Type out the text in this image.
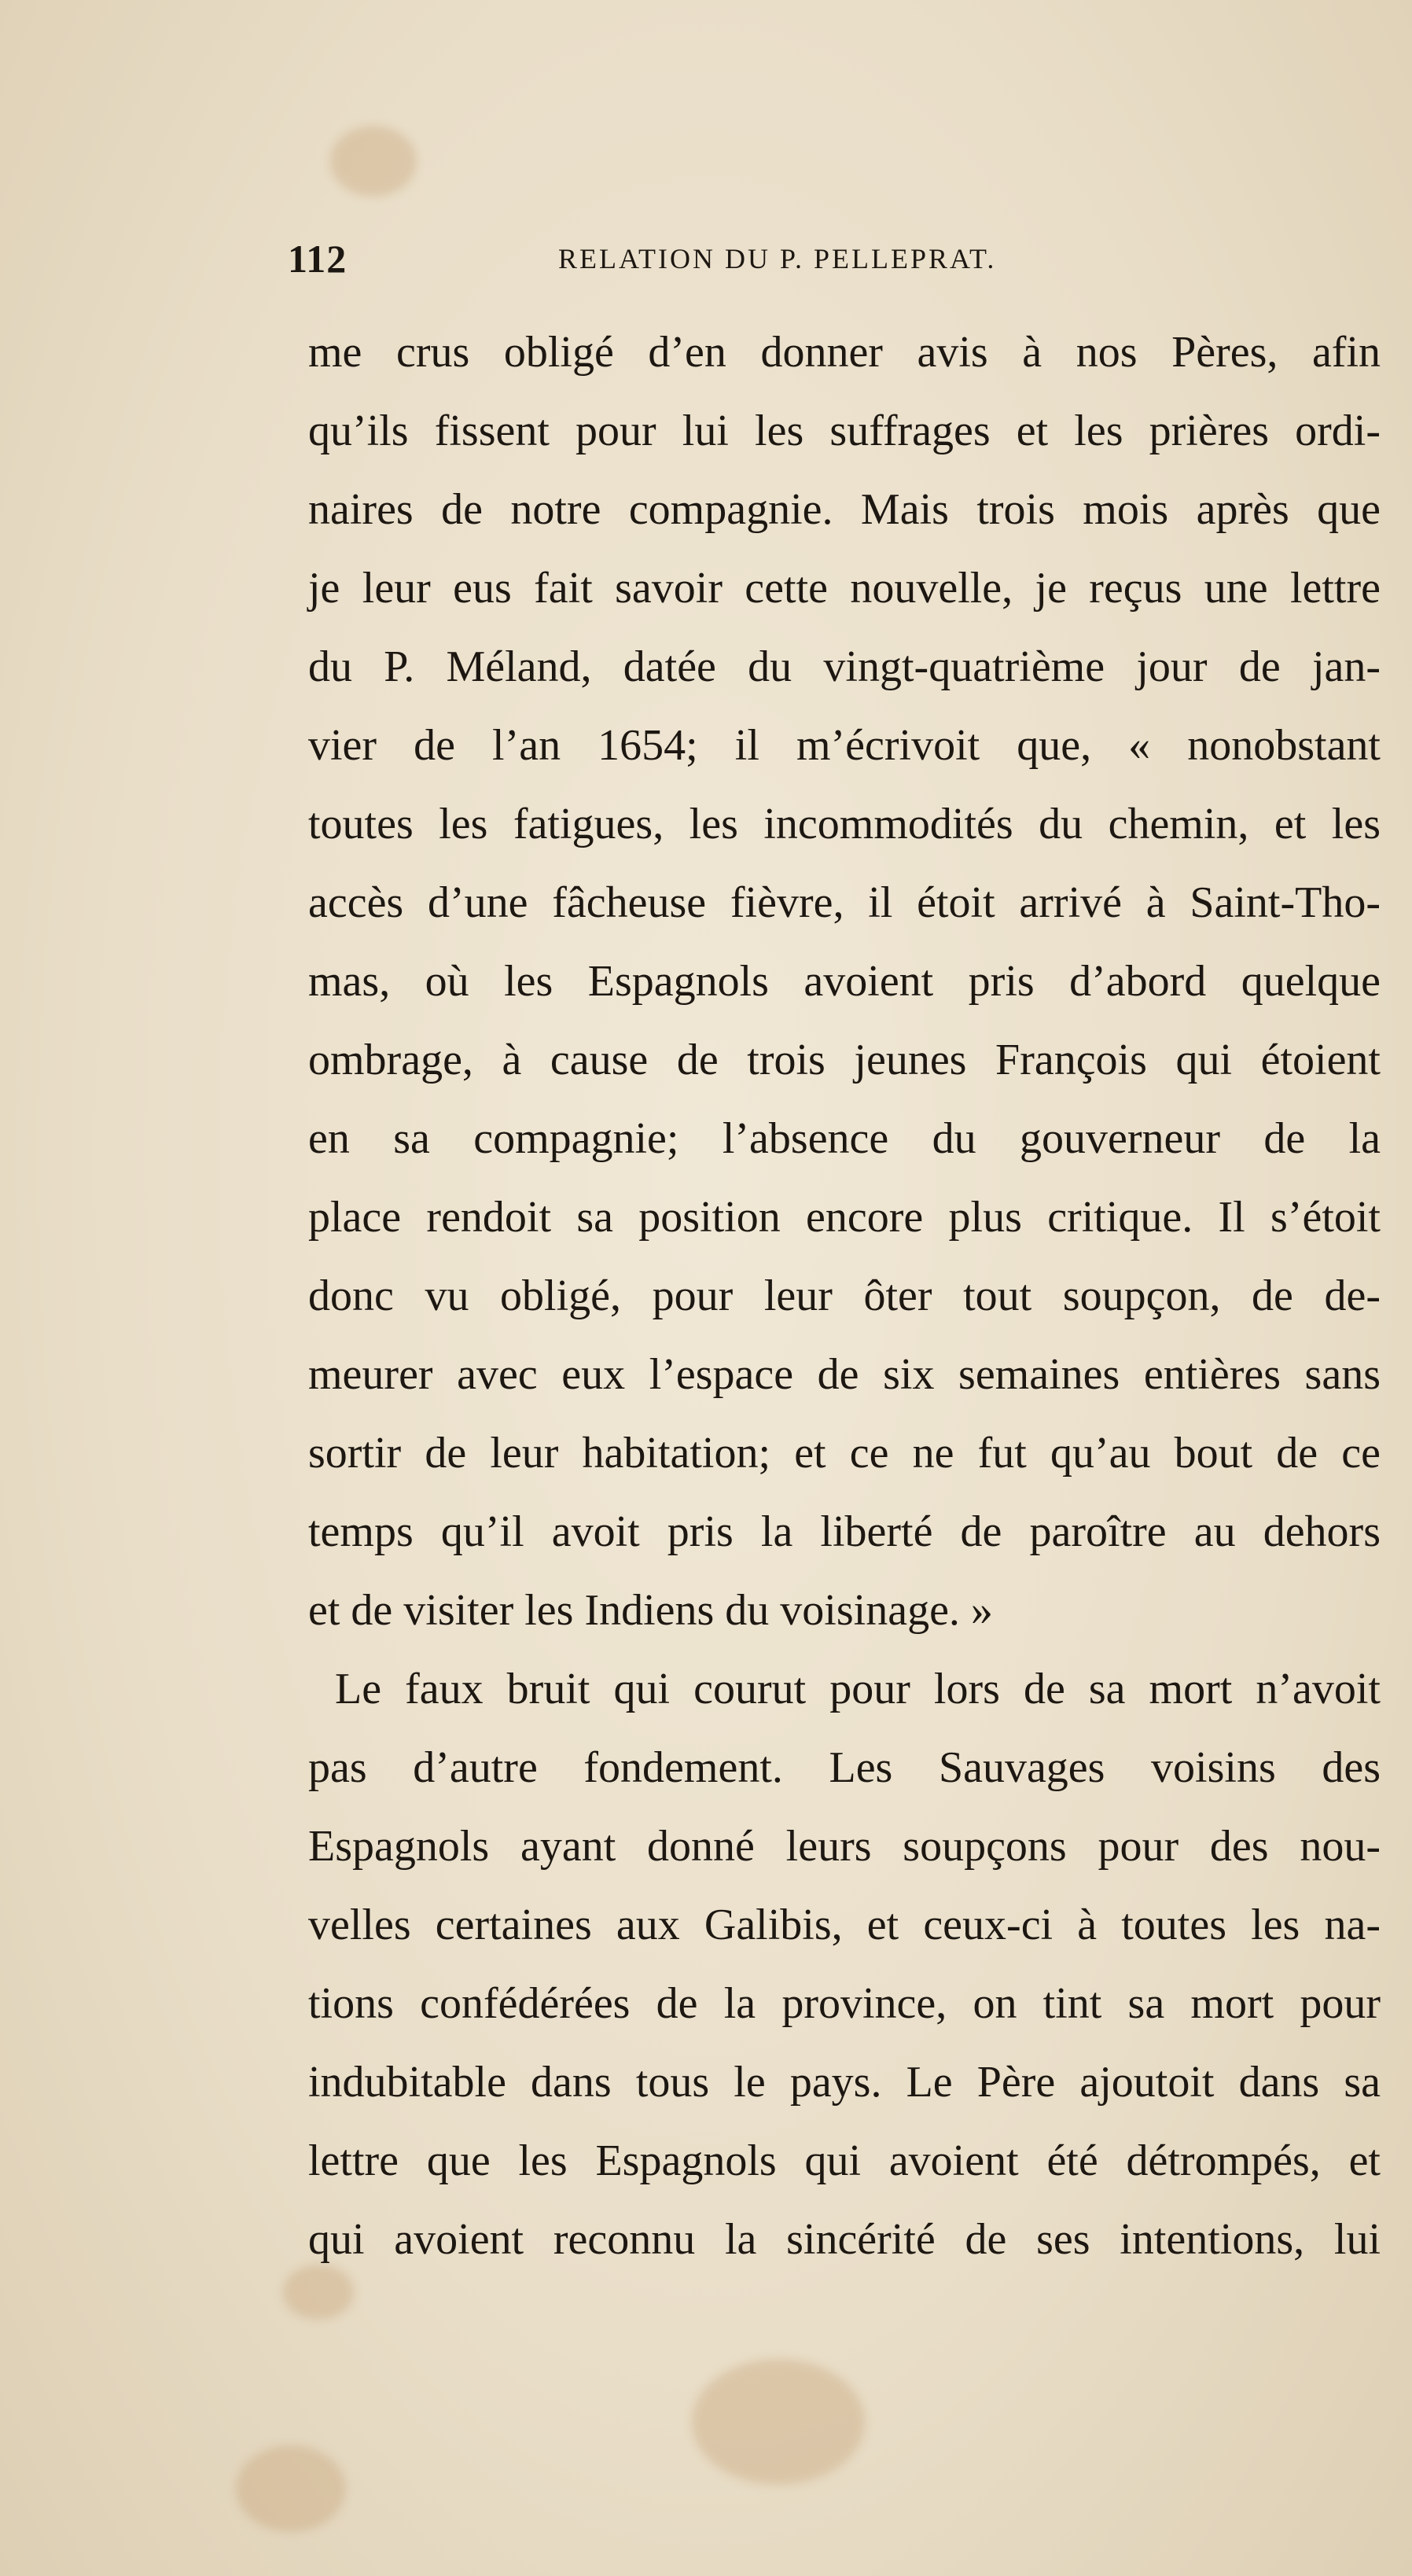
112	RELATION DU P. PELLEPRAT.
me crus obligé d’en donner avis à nos Pères, afin
qu’ils fissent pour lui les suffrages et les prières ordi-
naires de notre compagnie. Mais trois mois après que
je leur eus fait savoir cette nouvelle, je reçus une lettre
du P. Méland, datée du vingt-quatrième jour de jan-
vier de l’an 1654; il m’écrivoit que, « nonobstant
toutes les fatigues, les incommodités du chemin, et les
accès d’une fâcheuse fièvre, il étoit arrivé à Saint-Tho-
mas, où les Espagnols avoient pris d’abord quelque
ombrage, à cause de trois jeunes François qui étoient
en sa compagnie; l’absence du gouverneur de la
place rendoit sa position encore plus critique. Il s’étoit
donc vu obligé, pour leur ôter tout soupçon, de de-
meurer avec eux l’espace de six semaines entières sans
sortir de leur habitation; et ce ne fut qu’au bout de ce
temps qu’il avoit pris la liberté de paroître au dehors
et de visiter les Indiens du voisinage. »
Le faux bruit qui courut pour lors de sa mort n’avoit
pas d’autre fondement. Les Sauvages voisins des
Espagnols ayant donné leurs soupçons pour des nou-
velles certaines aux Galibis, et ceux-ci à toutes les na-
tions confédérées de la province, on tint sa mort pour
indubitable dans tous le pays. Le Père ajoutoit dans sa
lettre que les Espagnols qui avoient été détrompés, et
qui avoient reconnu la sincérité de ses intentions, lui
